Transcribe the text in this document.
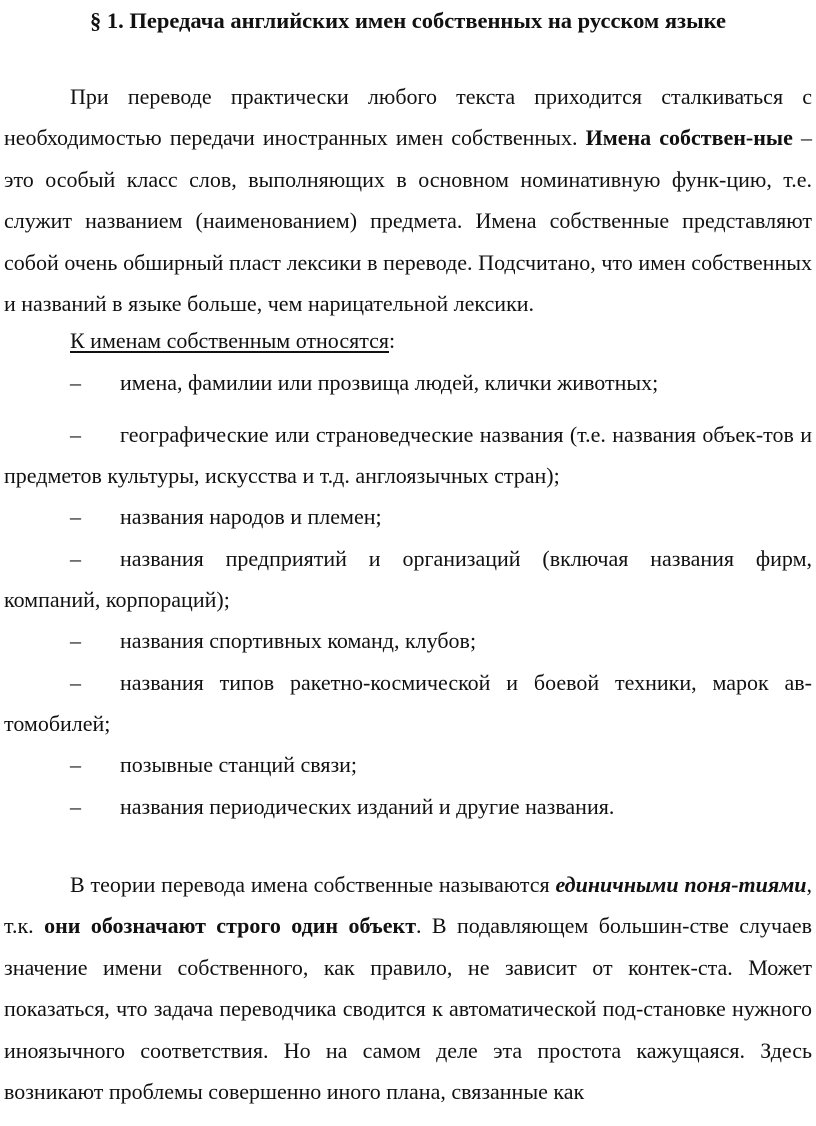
§ 1. Передача английских имен собственных на русском языке
При переводе практически любого текста приходится сталкиваться с необходимостью передачи иностранных имен собственных. Имена собствен-ные – это особый класс слов, выполняющих в основном номинативную функ-цию, т.е. служит названием (наименованием) предмета. Имена собственные представляют собой очень обширный пласт лексики в переводе. Подсчитано, что имен собственных и названий в языке больше, чем нарицательной лексики.
К именам собственным относятся:
– имена, фамилии или прозвища людей, клички животных;
– географические или страноведческие названия (т.е. названия объек-тов и предметов культуры, искусства и т.д. англоязычных стран);
– названия народов и племен;
– названия предприятий и организаций (включая названия фирм, компаний, корпораций);
– названия спортивных команд, клубов;
– названия типов ракетно-космической и боевой техники, марок ав-томобилей;
– позывные станций связи;
– названия периодических изданий и другие названия.
В теории перевода имена собственные называются единичными поня-тиями, т.к. они обозначают строго один объект. В подавляющем большин-стве случаев значение имени собственного, как правило, не зависит от контек-ста. Может показаться, что задача переводчика сводится к автоматической под-становке нужного иноязычного соответствия. Но на самом деле эта простота кажущаяся. Здесь возникают проблемы совершенно иного плана, связанные как
